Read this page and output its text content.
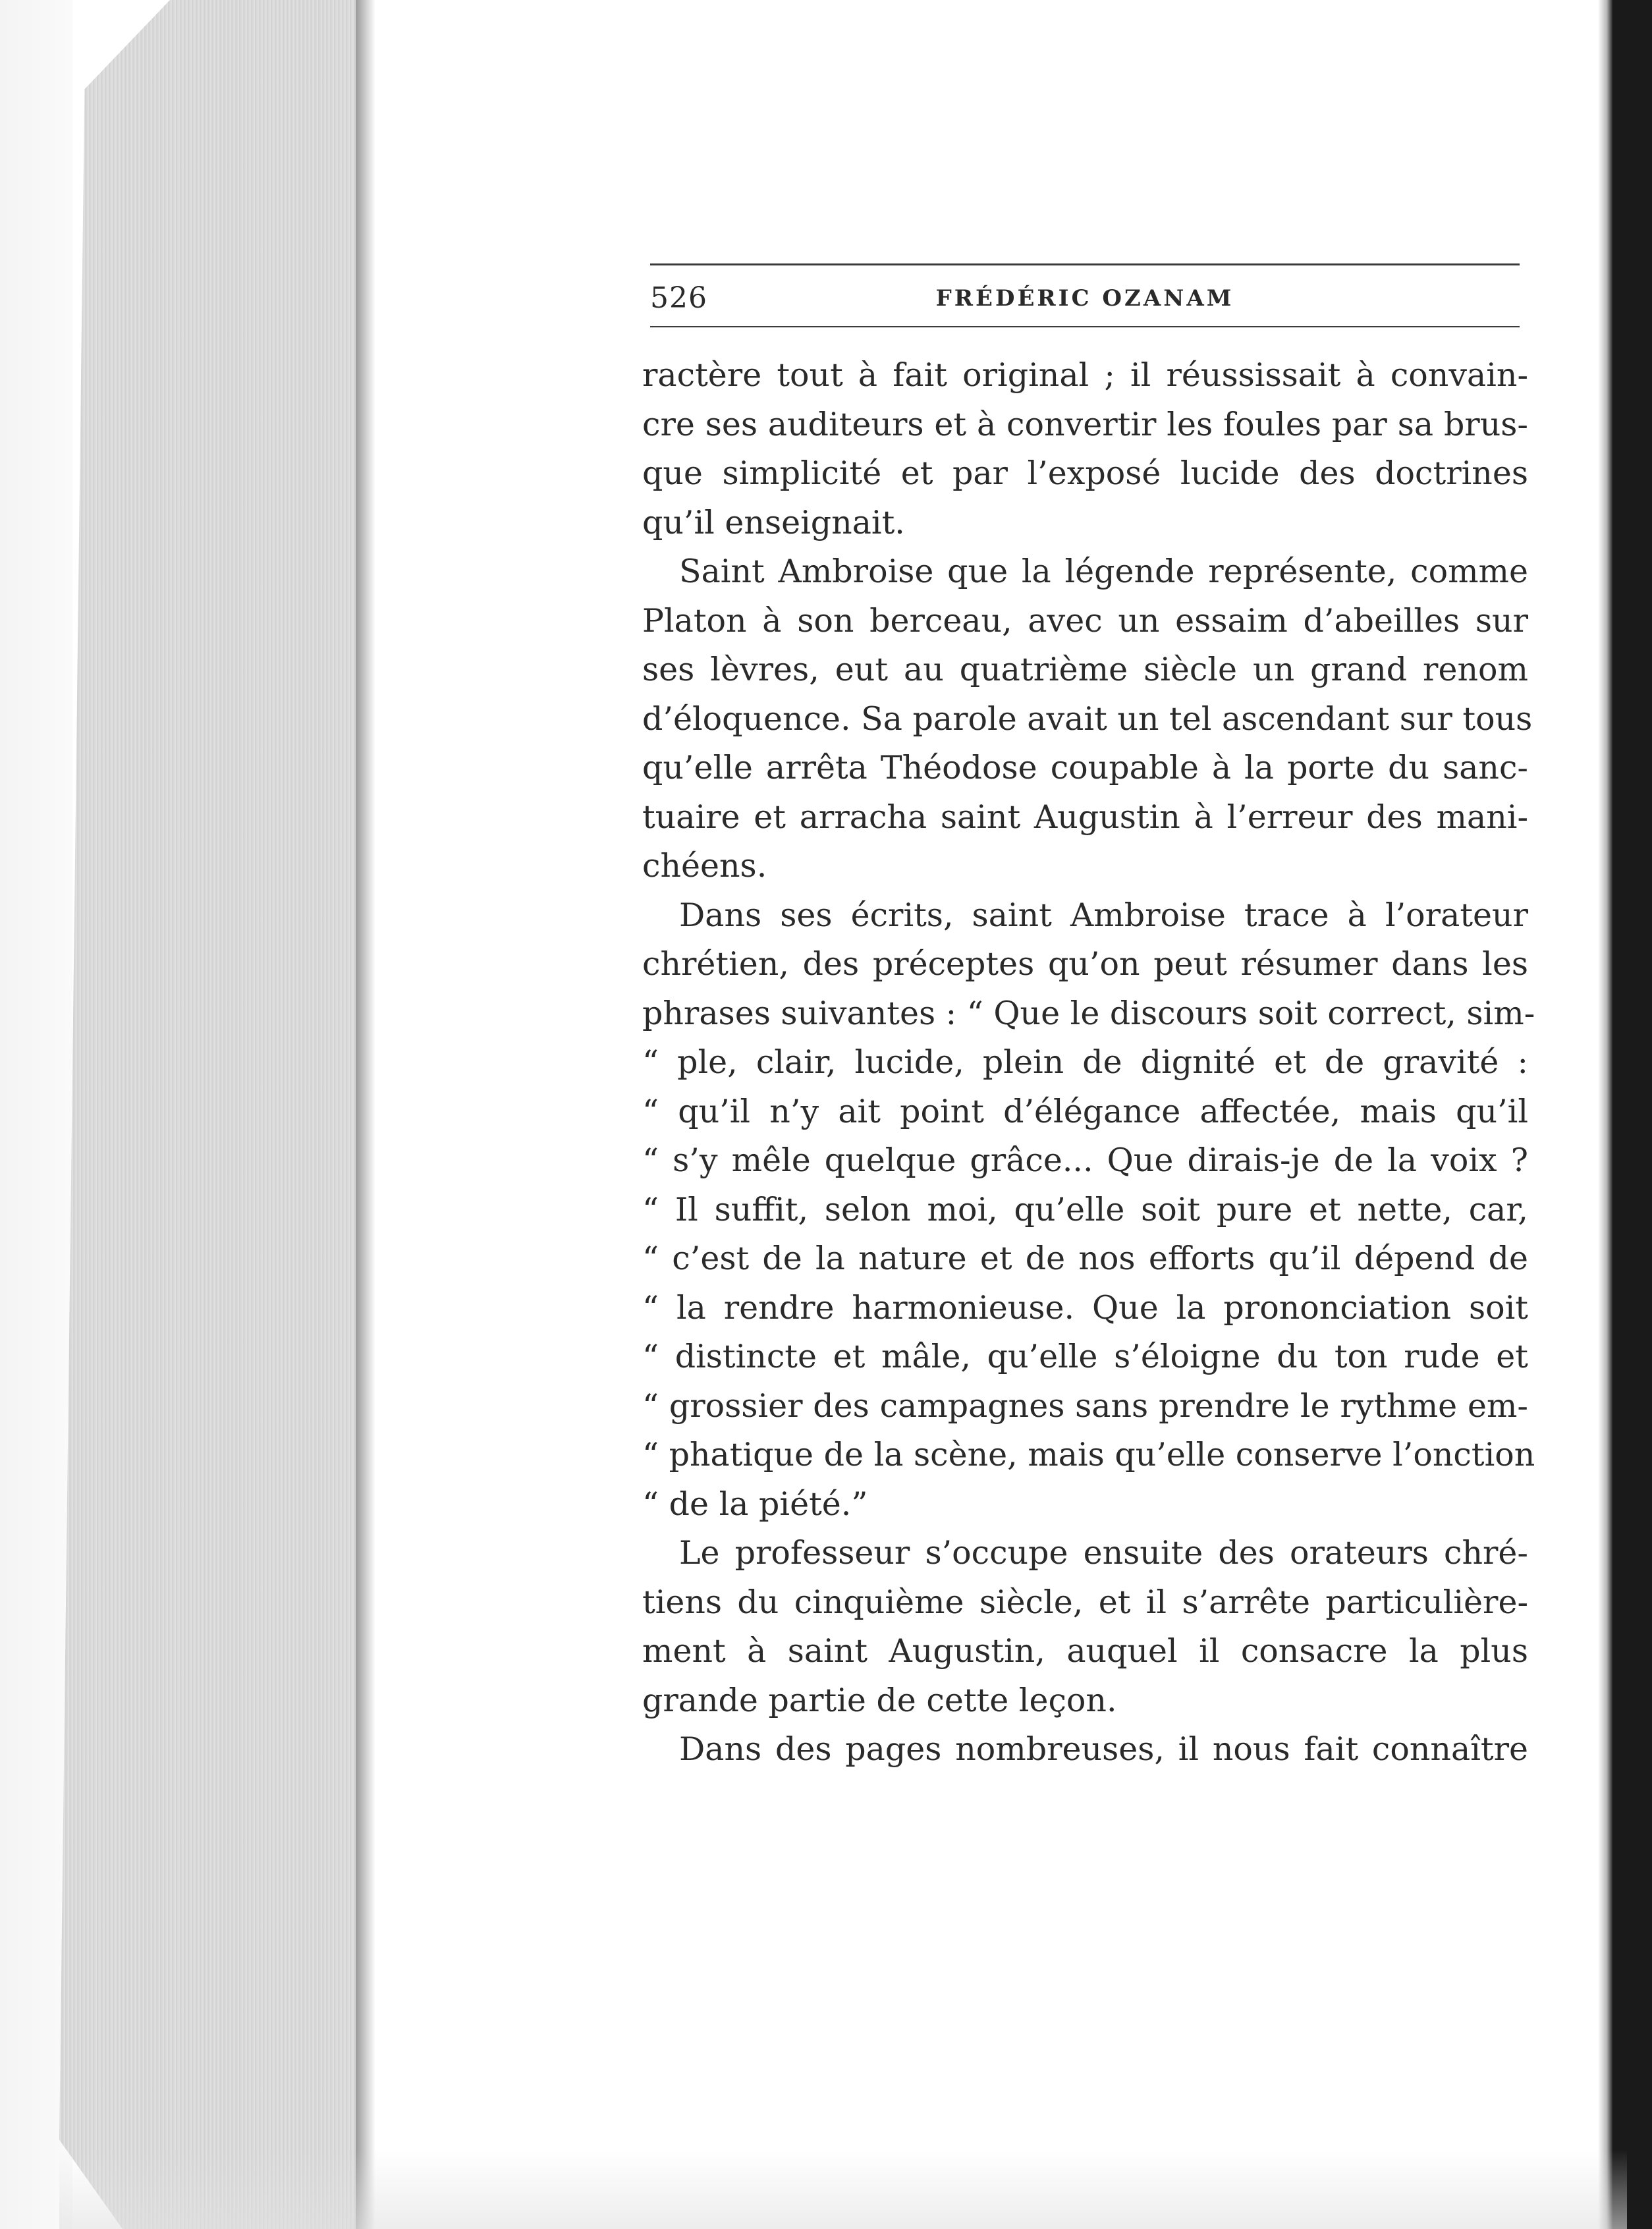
526	FRÉDÉRIC OZANAM
ractère tout à fait original ; il réussissait à convain-
cre ses auditeurs et à convertir les foules par sa brus-
que simplicité et par l’exposé lucide des doctrines
qu’il enseignait.
Saint Ambroise que la légende représente, comme
Platon à son berceau, avec un essaim d’abeilles sur
ses lèvres, eut au quatrième siècle un grand renom
d’éloquence. Sa parole avait un tel ascendant sur tous
qu’elle arrêta Théodose coupable à la porte du sanc-
tuaire et arracha saint Augustin à l’erreur des mani-
chéens.
Dans ses écrits, saint Ambroise trace à l’orateur
chrétien, des préceptes qu’on peut résumer dans les
phrases suivantes : “ Que le discours soit correct, sim-
“ ple, clair, lucide, plein de dignité et de gravité :
“ qu’il n’y ait point d’élégance affectée, mais qu’il
“ s’y mêle quelque grâce... Que dirais-je de la voix ?
“ Il suffit, selon moi, qu’elle soit pure et nette, car,
“ c’est de la nature et de nos efforts qu’il dépend de
“ la rendre harmonieuse. Que la prononciation soit
“ distincte et mâle, qu’elle s’éloigne du ton rude et
“ grossier des campagnes sans prendre le rythme em-
“ phatique de la scène, mais qu’elle conserve l’onction
“ de la piété.”
Le professeur s’occupe ensuite des orateurs chré-
tiens du cinquième siècle, et il s’arrête particulière-
ment à saint Augustin, auquel il consacre la plus
grande partie de cette leçon.
Dans des pages nombreuses, il nous fait connaître
